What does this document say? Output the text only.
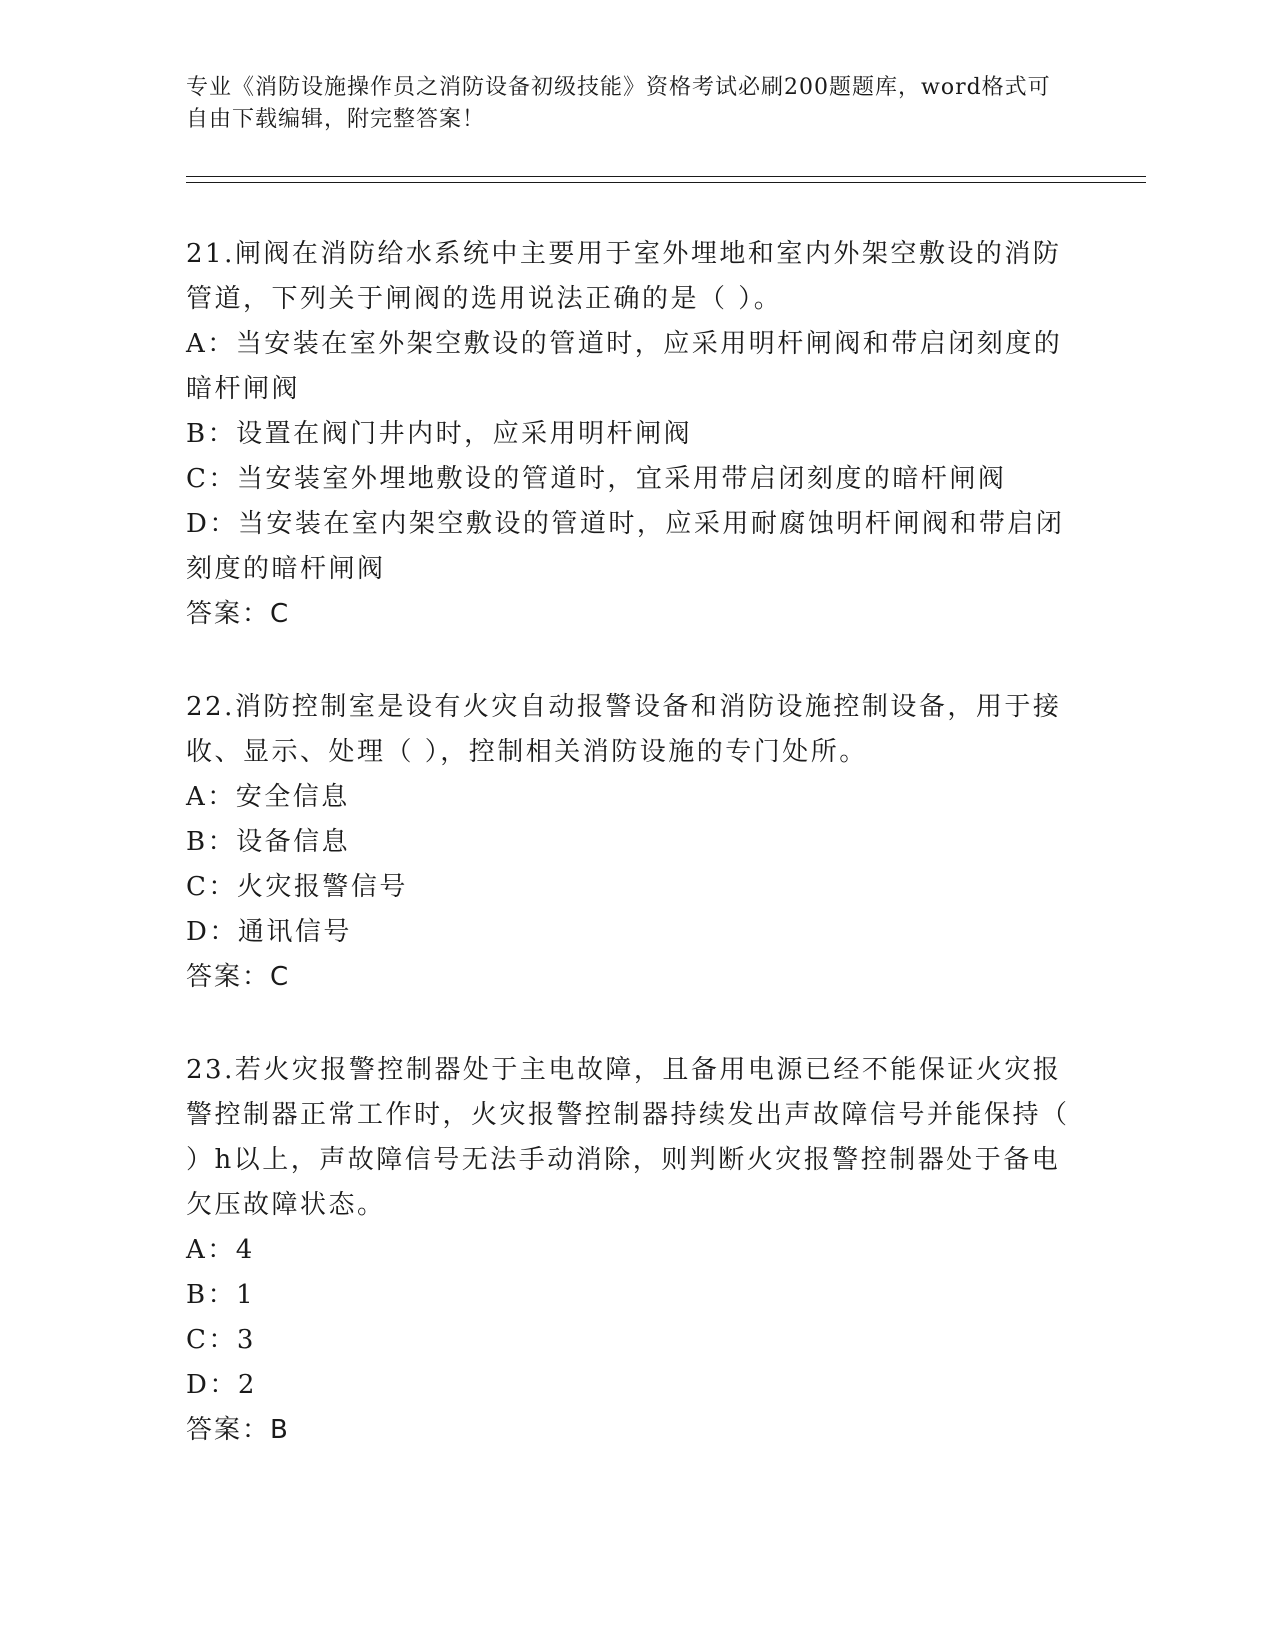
专业《消防设施操作员之消防设备初级技能》资格考试必刷200题题库，word格式可自由下载编辑，附完整答案！

21.闸阀在消防给水系统中主要用于室外埋地和室内外架空敷设的消防管道，下列关于闸阀的选用说法正确的是（ ）。

A：当安装在室外架空敷设的管道时，应采用明杆闸阀和带启闭刻度的暗杆闸阀

B：设置在阀门井内时，应采用明杆闸阀

C：当安装室外埋地敷设的管道时，宜采用带启闭刻度的暗杆闸阀

D：当安装在室内架空敷设的管道时，应采用耐腐蚀明杆闸阀和带启闭刻度的暗杆闸阀

答案：C

22.消防控制室是设有火灾自动报警设备和消防设施控制设备，用于接收、显示、处理（ ），控制相关消防设施的专门处所。

A：安全信息

B：设备信息

C：火灾报警信号

D：通讯信号

答案：C

23.若火灾报警控制器处于主电故障，且备用电源已经不能保证火灾报警控制器正常工作时，火灾报警控制器持续发出声故障信号并能保持（ ）h以上，声故障信号无法手动消除，则判断火灾报警控制器处于备电欠压故障状态。

A：4

B：1

C：3

D：2

答案：B
